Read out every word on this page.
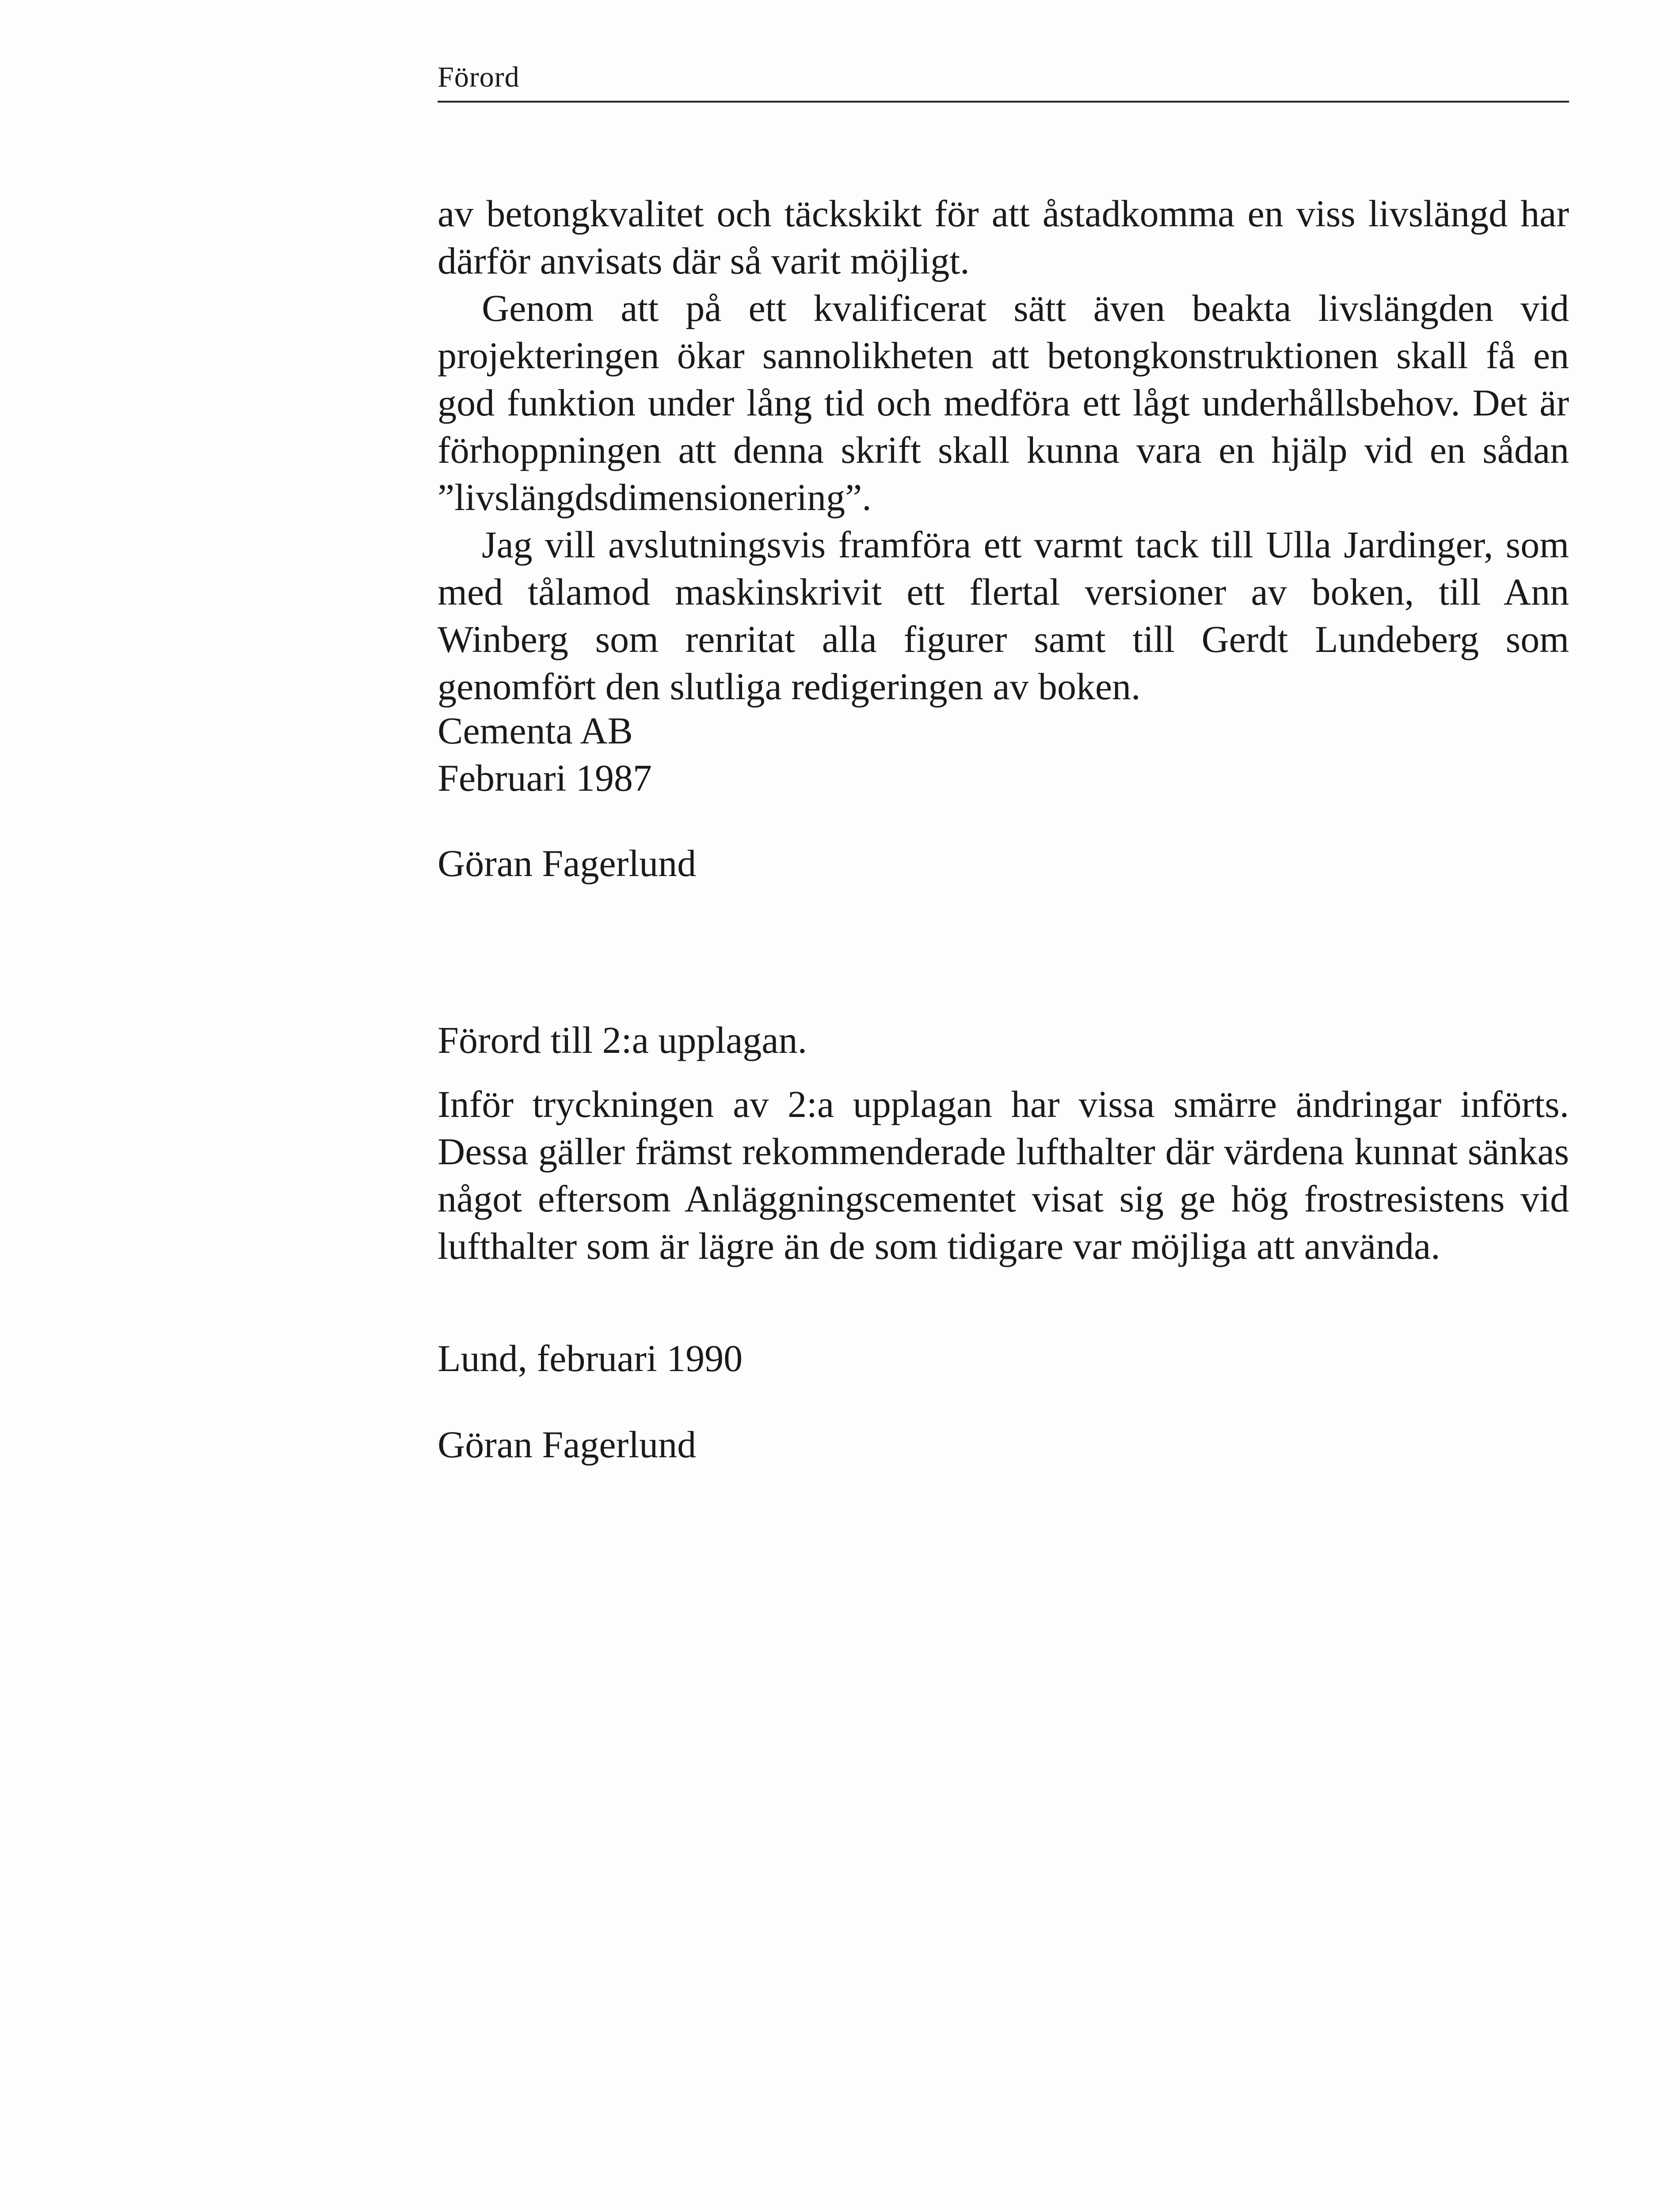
Förord

av betongkvalitet och täckskikt för att åstadkomma en viss livslängd har därför anvisats där så varit möjligt.

Genom att på ett kvalificerat sätt även beakta livslängden vid projekteringen ökar sannolikheten att betongkonstruktionen skall få en god funktion under lång tid och medföra ett lågt underhållsbehov. Det är förhoppningen att denna skrift skall kunna vara en hjälp vid en sådan ”livslängdsdimensionering”.

Jag vill avslutningsvis framföra ett varmt tack till Ulla Jardinger, som med tålamod maskinskrivit ett flertal versioner av boken, till Ann Winberg som renritat alla figurer samt till Gerdt Lundeberg som genomfört den slutliga redigeringen av boken.

Cementa AB
Februari 1987
Göran Fagerlund
Förord till 2:a upplagan.

Inför tryckningen av 2:a upplagan har vissa smärre ändringar införts. Dessa gäller främst rekommenderade lufthalter där värdena kunnat sänkas något eftersom Anläggningscementet visat sig ge hög frostresistens vid lufthalter som är lägre än de som tidigare var möjliga att använda.

Lund, februari 1990
Göran Fagerlund
